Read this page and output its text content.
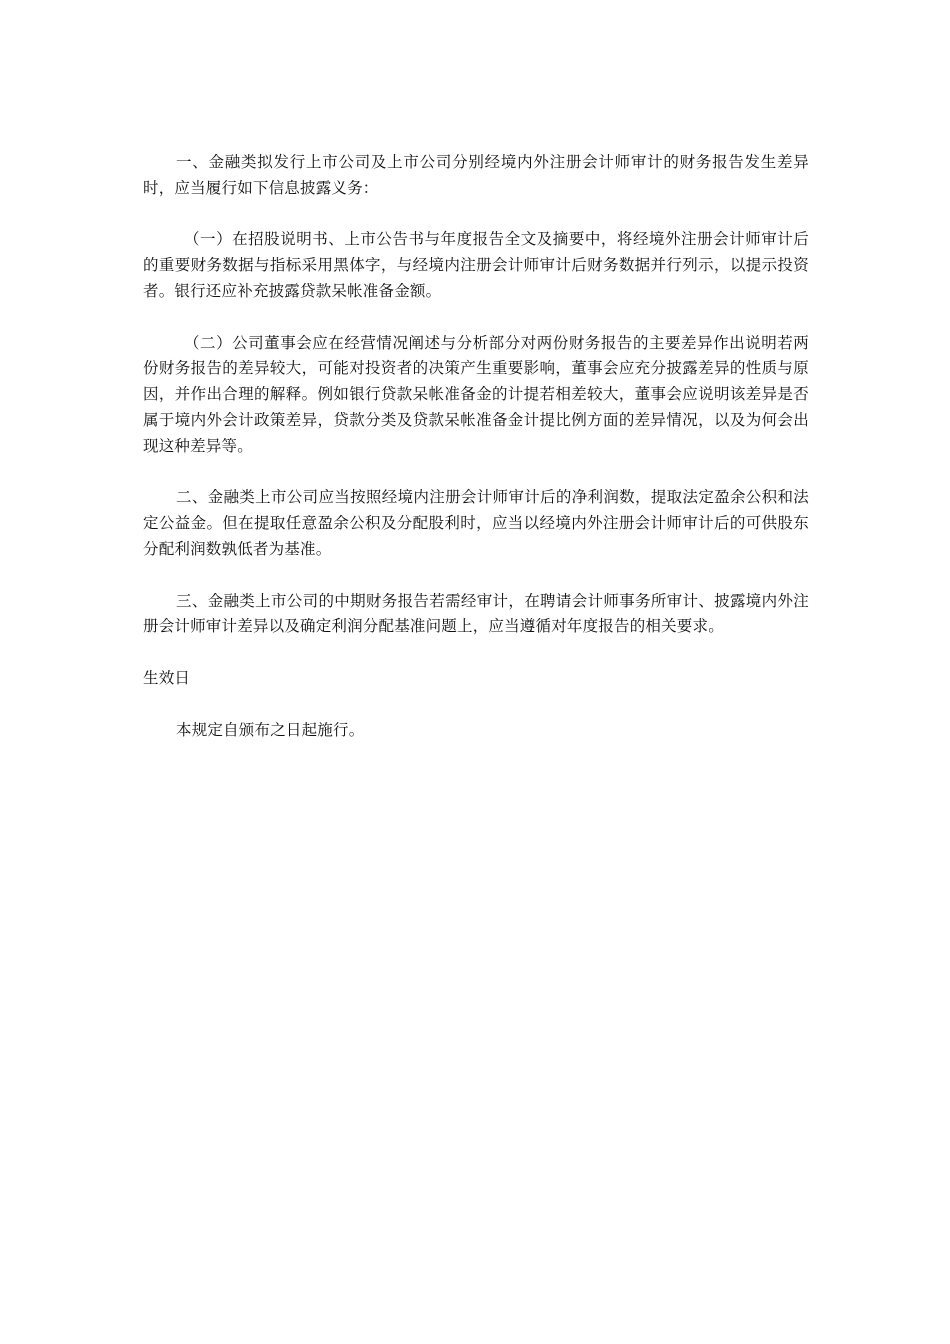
一、金融类拟发行上市公司及上市公司分别经境内外注册会计师审计的财务报告发生差异时，应当履行如下信息披露义务：

（一）在招股说明书、上市公告书与年度报告全文及摘要中，将经境外注册会计师审计后的重要财务数据与指标采用黑体字，与经境内注册会计师审计后财务数据并行列示，以提示投资者。银行还应补充披露贷款呆帐准备金额。

（二）公司董事会应在经营情况阐述与分析部分对两份财务报告的主要差异作出说明若两份财务报告的差异较大，可能对投资者的决策产生重要影响，董事会应充分披露差异的性质与原因，并作出合理的解释。例如银行贷款呆帐准备金的计提若相差较大，董事会应说明该差异是否属于境内外会计政策差异，贷款分类及贷款呆帐准备金计提比例方面的差异情况，以及为何会出现这种差异等。

二、金融类上市公司应当按照经境内注册会计师审计后的净利润数，提取法定盈余公积和法定公益金。但在提取任意盈余公积及分配股利时，应当以经境内外注册会计师审计后的可供股东分配利润数孰低者为基准。

三、金融类上市公司的中期财务报告若需经审计，在聘请会计师事务所审计、披露境内外注册会计师审计差异以及确定利润分配基准问题上，应当遵循对年度报告的相关要求。

生效日

本规定自颁布之日起施行。
